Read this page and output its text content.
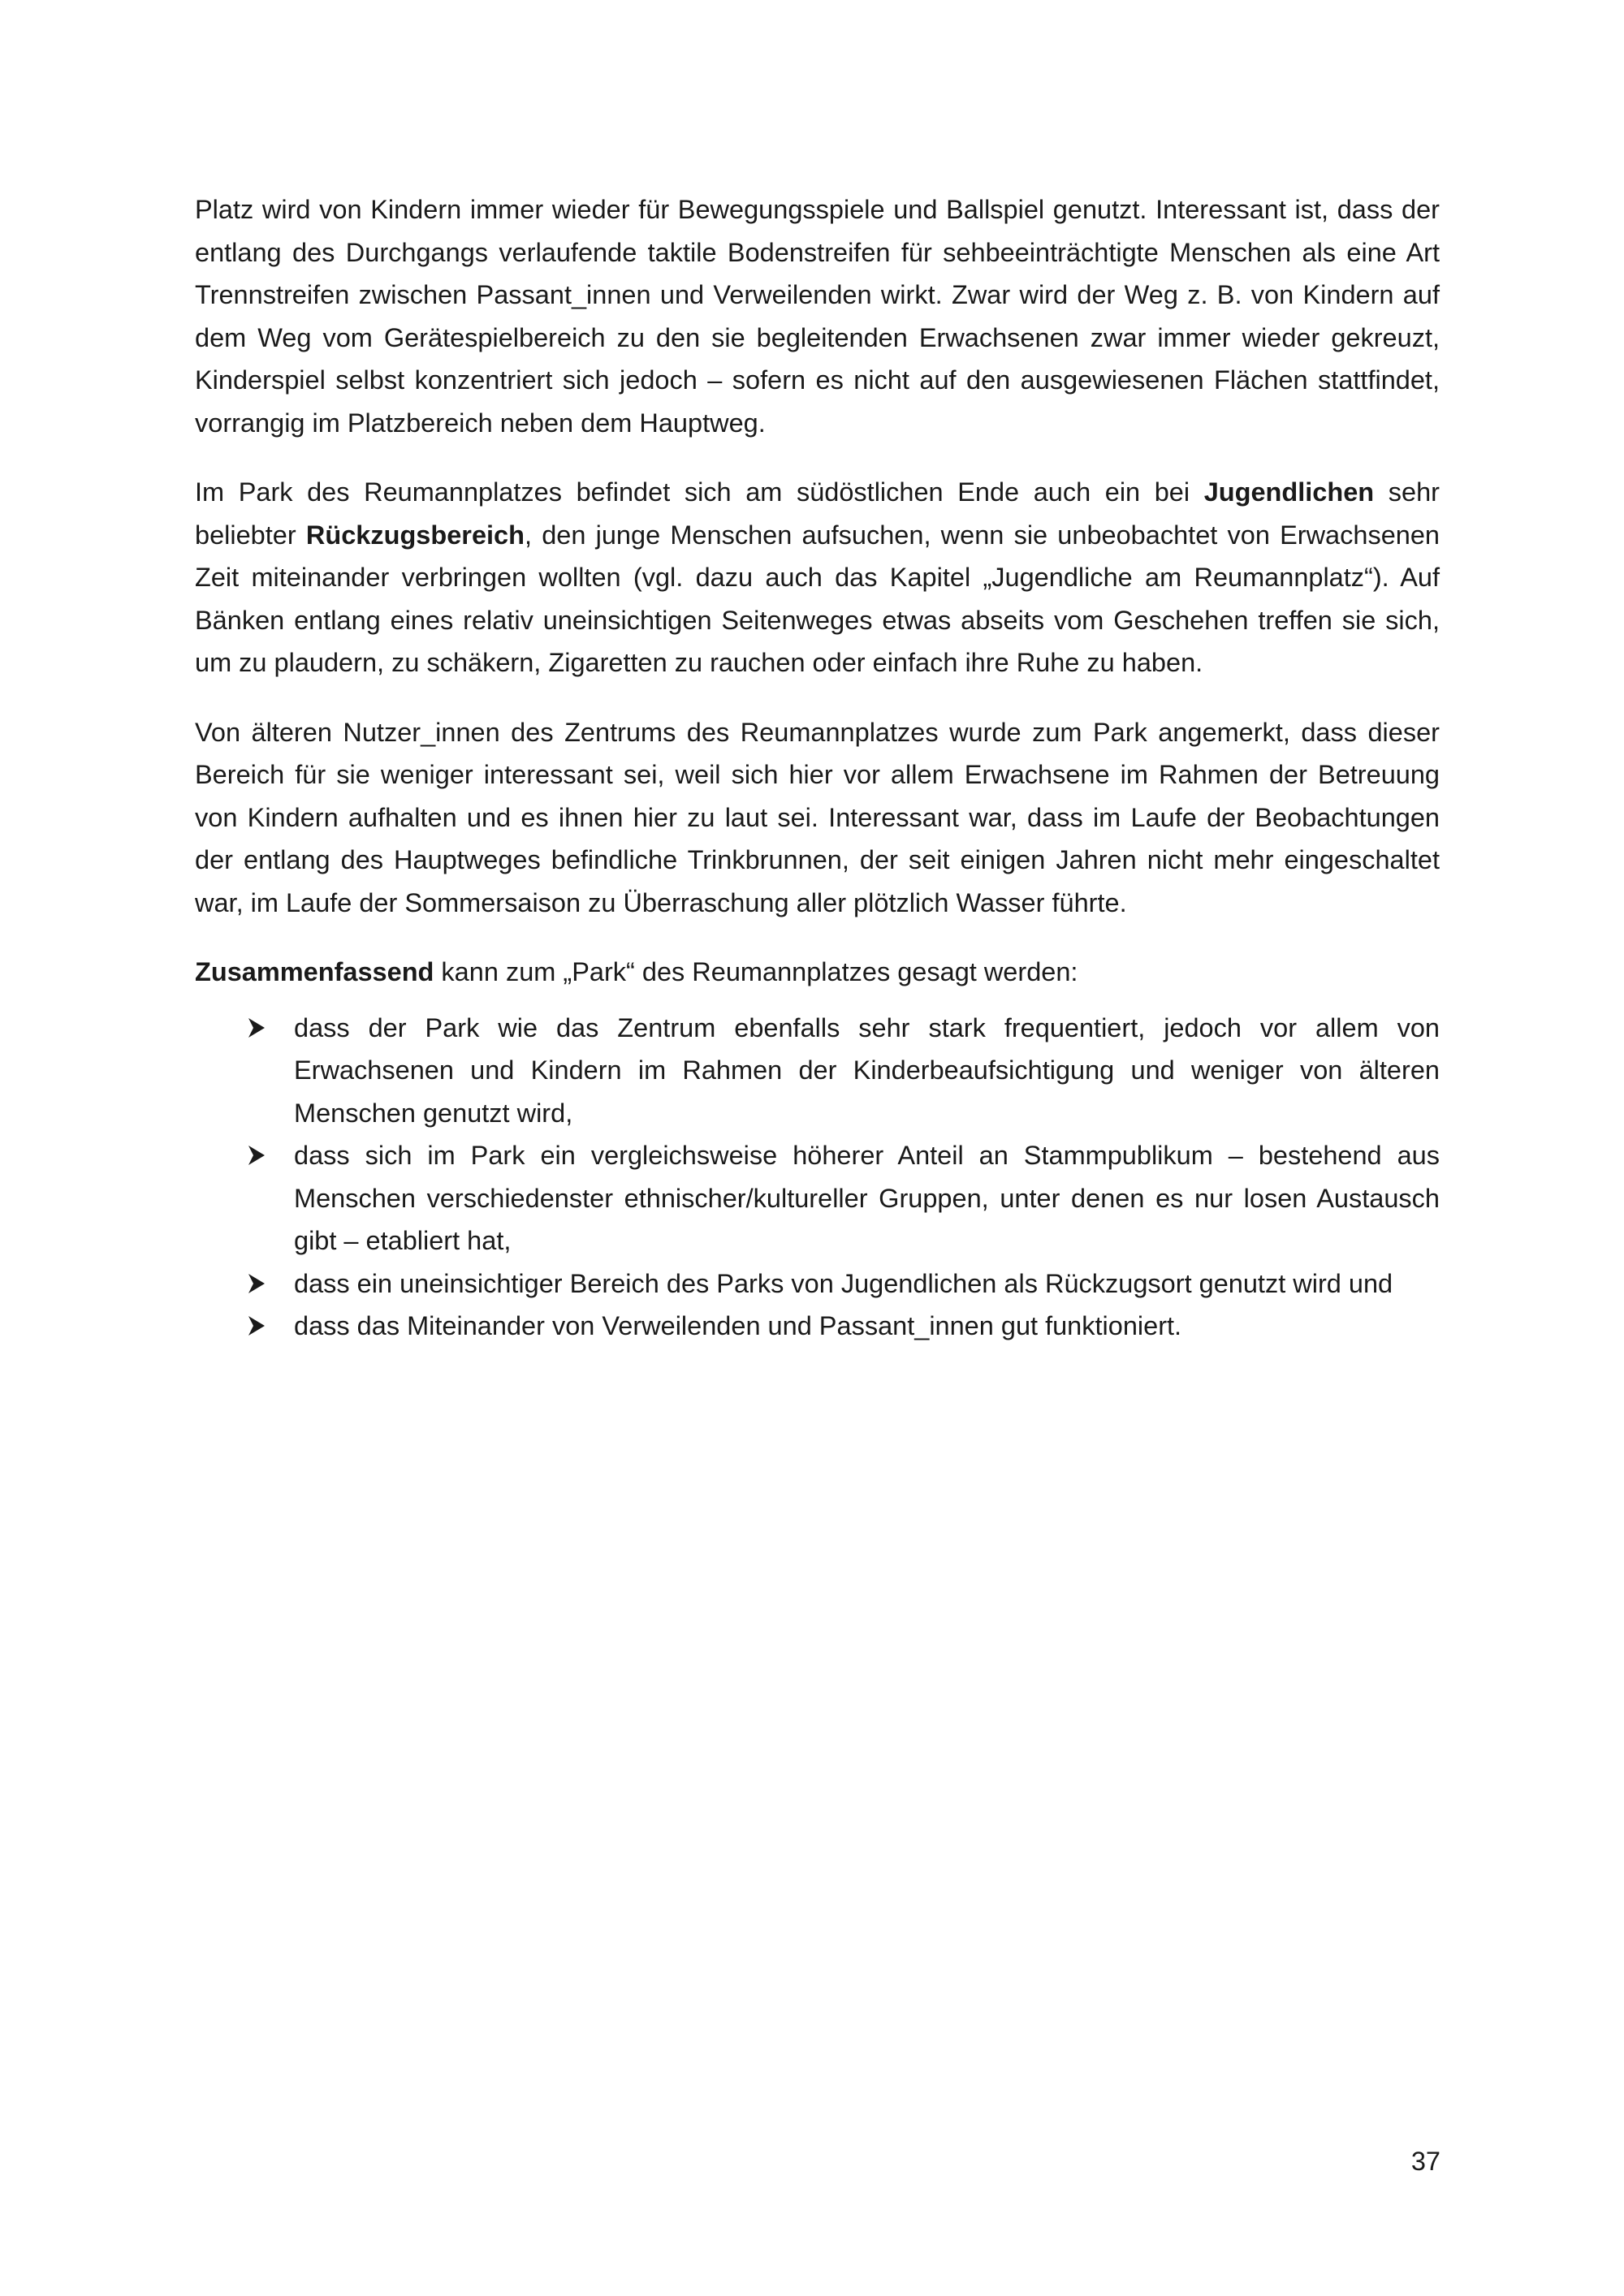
Platz wird von Kindern immer wieder für Bewegungsspiele und Ballspiel genutzt. Interessant ist, dass der entlang des Durchgangs verlaufende taktile Bodenstreifen für sehbeeinträchtigte Menschen als eine Art Trennstreifen zwischen Passant_innen und Verweilenden wirkt. Zwar wird der Weg z. B. von Kindern auf dem Weg vom Gerätespielbereich zu den sie begleitenden Erwachsenen zwar immer wieder gekreuzt, Kinderspiel selbst konzentriert sich jedoch – sofern es nicht auf den ausgewiesenen Flächen stattfindet, vorrangig im Platzbereich neben dem Hauptweg.

Im Park des Reumannplatzes befindet sich am südöstlichen Ende auch ein bei Jugendlichen sehr beliebter Rückzugsbereich, den junge Menschen aufsuchen, wenn sie unbeobachtet von Erwachsenen Zeit miteinander verbringen wollten (vgl. dazu auch das Kapitel „Jugendliche am Reumannplatz“). Auf Bänken entlang eines relativ uneinsichtigen Seitenweges etwas abseits vom Geschehen treffen sie sich, um zu plaudern, zu schäkern, Zigaretten zu rauchen oder einfach ihre Ruhe zu haben.

Von älteren Nutzer_innen des Zentrums des Reumannplatzes wurde zum Park angemerkt, dass dieser Bereich für sie weniger interessant sei, weil sich hier vor allem Erwachsene im Rahmen der Betreuung von Kindern aufhalten und es ihnen hier zu laut sei. Interessant war, dass im Laufe der Beobachtungen der entlang des Hauptweges befindliche Trinkbrunnen, der seit einigen Jahren nicht mehr eingeschaltet war, im Laufe der Sommersaison zu Überraschung aller plötzlich Wasser führte.

Zusammenfassend kann zum „Park“ des Reumannplatzes gesagt werden:

dass der Park wie das Zentrum ebenfalls sehr stark frequentiert, jedoch vor allem von Erwachsenen und Kindern im Rahmen der Kinderbeaufsichtigung und weniger von älteren Menschen genutzt wird,
dass sich im Park ein vergleichsweise höherer Anteil an Stammpublikum – bestehend aus Menschen verschiedenster ethnischer/kultureller Gruppen, unter denen es nur losen Austausch gibt – etabliert hat,
dass ein uneinsichtiger Bereich des Parks von Jugendlichen als Rückzugsort genutzt wird und
dass das Miteinander von Verweilenden und Passant_innen gut funktioniert.
37
